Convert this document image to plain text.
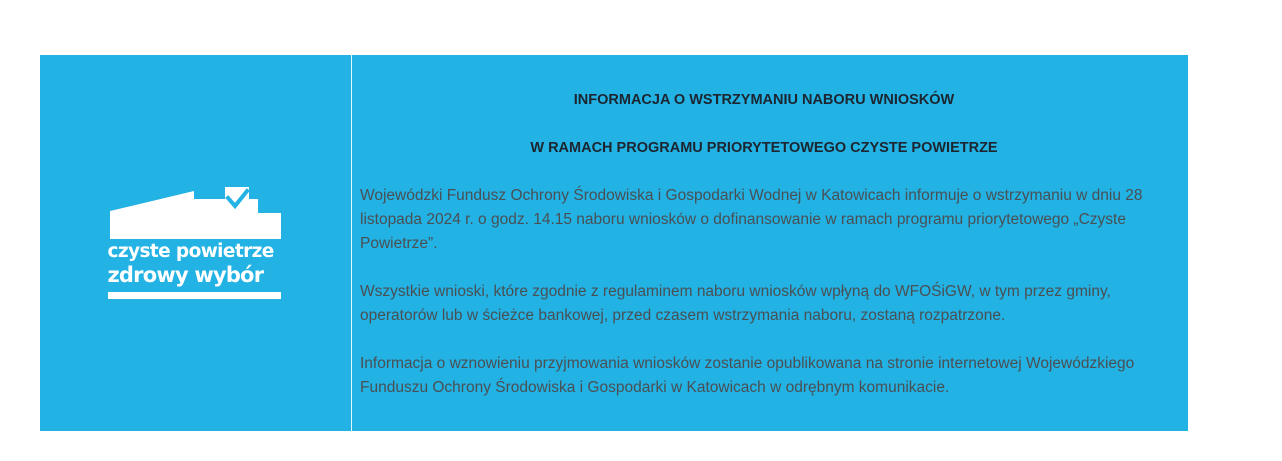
czyste powietrze
zdrowy wybór

INFORMACJA O WSTRZYMANIU NABORU WNIOSKÓW

W RAMACH PROGRAMU PRIORYTETOWEGO CZYSTE POWIETRZE

Wojewódzki Fundusz Ochrony Środowiska i Gospodarki Wodnej w Katowicach informuje o wstrzymaniu w dniu 28 listopada 2024 r. o godz. 14.15 naboru wniosków o dofinansowanie w ramach programu priorytetowego „Czyste Powietrze”.

Wszystkie wnioski, które zgodnie z regulaminem naboru wniosków wpłyną do WFOŚiGW, w tym przez gminy, operatorów lub w ścieżce bankowej, przed czasem wstrzymania naboru, zostaną rozpatrzone.

Informacja o wznowieniu przyjmowania wniosków zostanie opublikowana na stronie internetowej Wojewódzkiego Funduszu Ochrony Środowiska i Gospodarki w Katowicach w odrębnym komunikacie.
